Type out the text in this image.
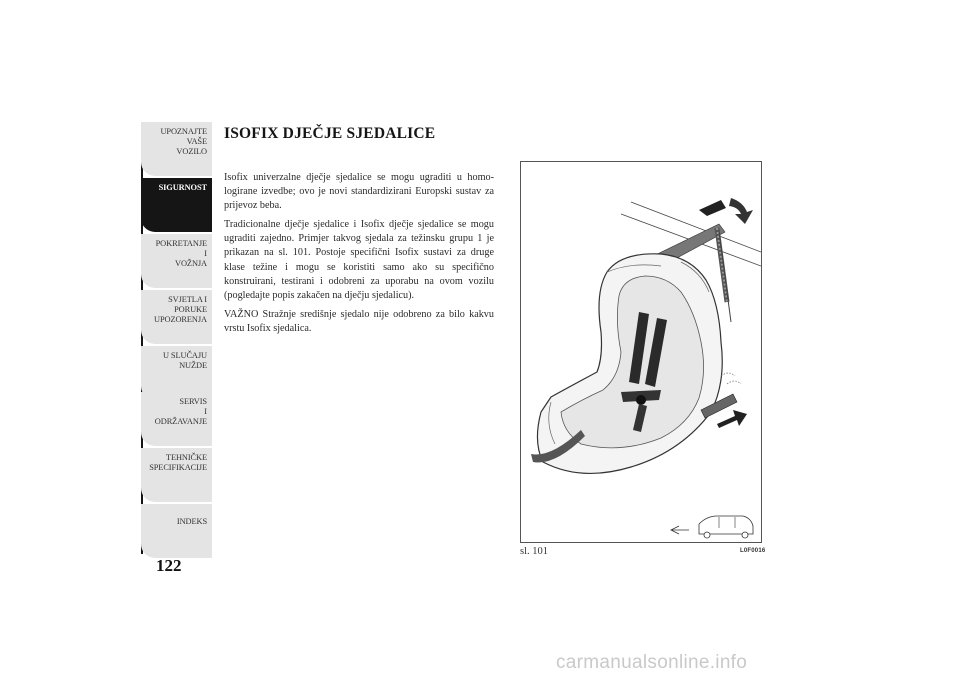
UPOZNAJTE
VAŠE
VOZILO
SIGURNOST
POKRETANJE
I
VOŽNJA
SVJETLA I
PORUKE
UPOZORENJA
U SLUČAJU
NUŽDE
SERVIS
I
ODRŽAVANJE
TEHNIČKE
SPECIFIKACIJE
INDEKS
122
ISOFIX DJEČJE SJEDALICE

Isofix univerzalne dječje sjedalice se mogu ugraditi u homo-logirane izvedbe; ovo je novi standardizirani Europski sustav za prijevoz beba.

Tradicionalne dječje sjedalice i Isofix dječje sjedalice se mogu ugraditi zajedno. Primjer takvog sjedala za težinsku grupu 1 je prikazan na sl. 101. Postoje specifični Isofix sustavi za druge klase težine i mogu se koristiti samo ako su specifično konstruirani, testirani i odobreni za uporabu na ovom vozilu (pogledajte popis zakačen na dječju sjedalicu).

VAŽNO Stražnje središnje sjedalo nije odobreno za bilo kakvu vrstu Isofix sjedalica.

sl. 101	L0F0016
carmanualsonline.info
